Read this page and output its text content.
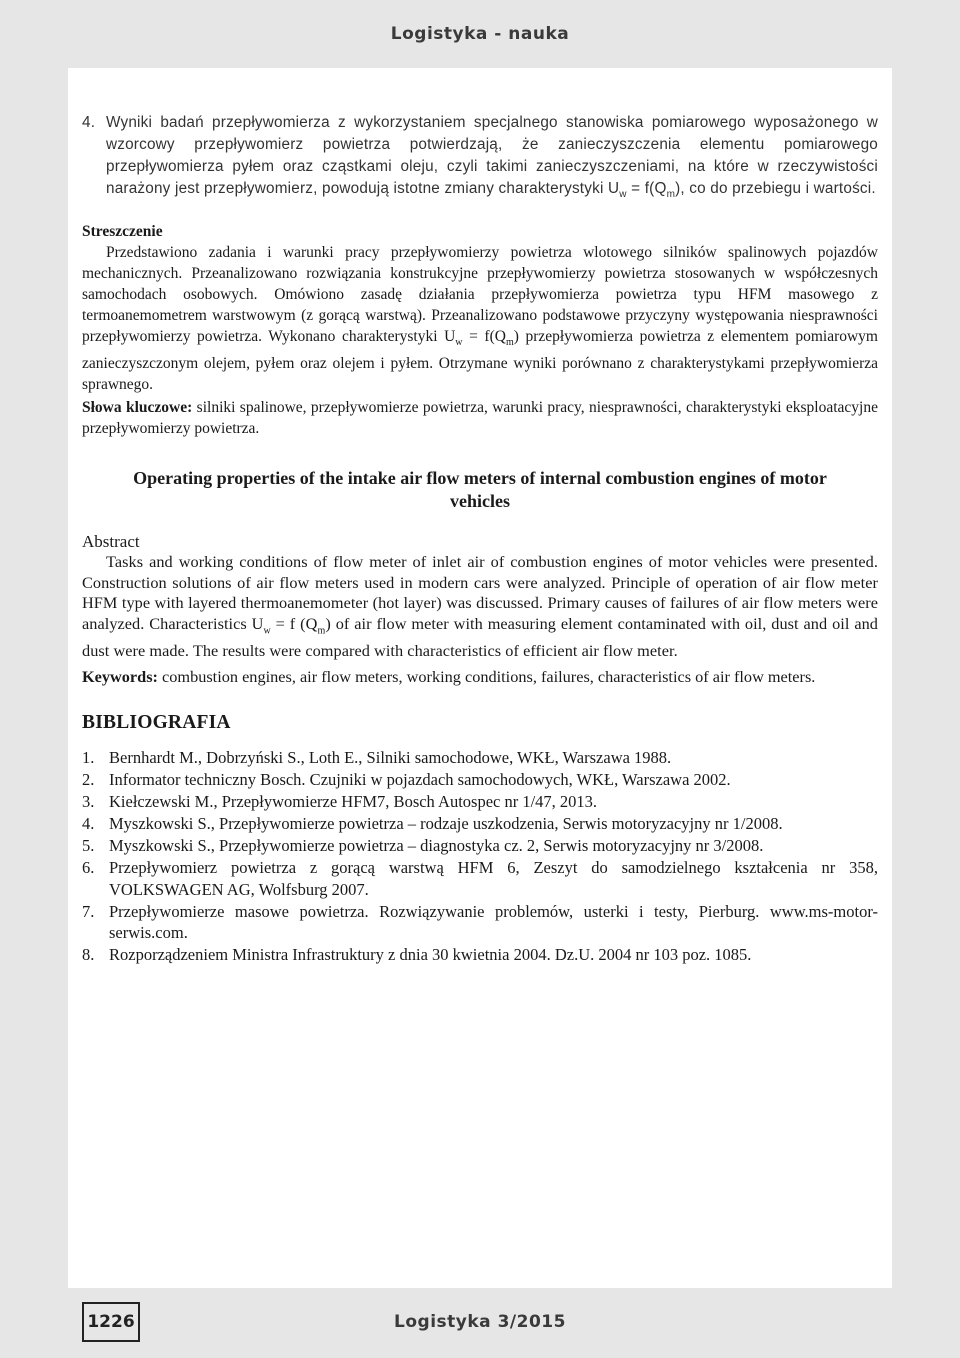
Logistyka - nauka
4. Wyniki badań przepływomierza z wykorzystaniem specjalnego stanowiska pomiarowego wyposażonego w wzorcowy przepływomierz powietrza potwierdzają, że zanieczyszczenia elementu pomiarowego przepływomierza pyłem oraz cząstkami oleju, czyli takimi zanieczyszczeniami, na które w rzeczywistości narażony jest przepływomierz, powodują istotne zmiany charakterystyki $U_w = f(Q_m)$, co do przebiegu i wartości.
Streszczenie
Przedstawiono zadania i warunki pracy przepływomierzy powietrza wlotowego silników spalinowych pojazdów mechanicznych. Przeanalizowano rozwiązania konstrukcyjne przepływomierzy powietrza stosowanych w współczesnych samochodach osobowych. Omówiono zasadę działania przepływomierza powietrza typu HFM masowego z termoanemometrem warstwowym (z gorącą warstwą). Przeanalizowano podstawowe przyczyny występowania niesprawności przepływomierzy powietrza. Wykonano charakterystyki $U_w = f(Q_m)$ przepływomierza powietrza z elementem pomiarowym zanieczyszczonym olejem, pyłem oraz olejem i pyłem. Otrzymane wyniki porównano z charakterystykami przepływomierza sprawnego.
Słowa kluczowe: silniki spalinowe, przepływomierze powietrza, warunki pracy, niesprawności, charakterystyki eksploatacyjne przepływomierzy powietrza.
Operating properties of the intake air flow meters of internal combustion engines of motor vehicles
Abstract
Tasks and working conditions of flow meter of inlet air of combustion engines of motor vehicles were presented. Construction solutions of air flow meters used in modern cars were analyzed. Principle of operation of air flow meter HFM type with layered thermoanemometer (hot layer) was discussed. Primary causes of failures of air flow meters were analyzed. Characteristics $U_w = f$ $(Q_m)$ of air flow meter with measuring element contaminated with oil, dust and oil and dust were made. The results were compared with characteristics of efficient air flow meter.
Keywords: combustion engines, air flow meters, working conditions, failures, characteristics of air flow meters.
BIBLIOGRAFIA
1. Bernhardt M., Dobrzyński S., Loth E., Silniki samochodowe, WKŁ, Warszawa 1988.
2. Informator techniczny Bosch. Czujniki w pojazdach samochodowych, WKŁ, Warszawa 2002.
3. Kiełczewski M., Przepływomierze HFM7, Bosch Autospec nr 1/47, 2013.
4. Myszkowski S., Przepływomierze powietrza – rodzaje uszkodzenia, Serwis motoryzacyjny nr 1/2008.
5. Myszkowski S., Przepływomierze powietrza – diagnostyka cz. 2, Serwis motoryzacyjny nr 3/2008.
6. Przepływomierz powietrza z gorącą warstwą HFM 6, Zeszyt do samodzielnego kształcenia nr 358, VOLKSWAGEN AG, Wolfsburg 2007.
7. Przepływomierze masowe powietrza. Rozwiązywanie problemów, usterki i testy, Pierburg. www.ms-motor-serwis.com.
8. Rozporządzeniem Ministra Infrastruktury z dnia 30 kwietnia 2004. Dz.U. 2004 nr 103 poz. 1085.
1226	Logistyka 3/2015
